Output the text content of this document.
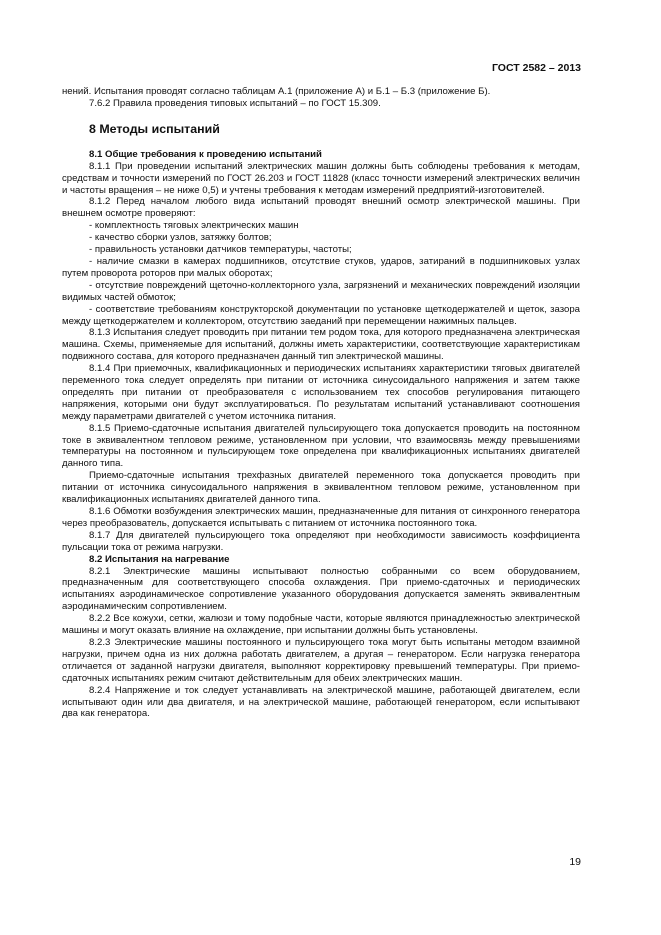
ГОСТ 2582 – 2013

нений. Испытания проводят согласно таблицам А.1 (приложение А) и Б.1 – Б.3 (приложение Б).

7.6.2 Правила проведения типовых испытаний – по ГОСТ 15.309.

8 Методы испытаний

8.1 Общие требования к проведению испытаний

8.1.1 При проведении испытаний электрических машин должны быть соблюдены требования к методам, средствам и точности измерений по ГОСТ 26.203 и ГОСТ 11828 (класс точности измерений электрических величин и частоты вращения – не ниже 0,5) и учтены требования к методам измерений предприятий-изготовителей.

8.1.2 Перед началом любого вида испытаний проводят внешний осмотр электрической машины. При внешнем осмотре проверяют:

- комплектность тяговых электрических машин

- качество сборки узлов, затяжку болтов;

- правильность установки датчиков температуры, частоты;

- наличие смазки в камерах подшипников, отсутствие стуков, ударов, затираний в подшипниковых узлах путем проворота роторов при малых оборотах;

- отсутствие повреждений щеточно-коллекторного узла, загрязнений и механических повреждений изоляции видимых частей обмоток;

- соответствие требованиям конструкторской документации по установке щеткодержателей и щеток, зазора между щеткодержателем и коллектором, отсутствию заеданий при перемещении нажимных пальцев.

8.1.3 Испытания следует проводить при питании тем родом тока, для которого предназначена электрическая машина. Схемы, применяемые для испытаний, должны иметь характеристики, соответствующие характеристикам подвижного состава, для которого предназначен данный тип электрической машины.

8.1.4 При приемочных, квалификационных и периодических испытаниях характеристики тяговых двигателей переменного тока следует определять при питании от источника синусоидального напряжения и затем также определять при питании от преобразователя с использованием тех способов регулирования питающего напряжения, которыми они будут эксплуатироваться. По результатам испытаний устанавливают соотношения между параметрами двигателей с учетом источника питания.

8.1.5 Приемо-сдаточные испытания двигателей пульсирующего тока допускается проводить на постоянном токе в эквивалентном тепловом режиме, установленном при условии, что взаимосвязь между превышениями температуры на постоянном и пульсирующем токе определена при квалификационных испытаниях двигателей данного типа.

Приемо-сдаточные испытания трехфазных двигателей переменного тока допускается проводить при питании от источника синусоидального напряжения в эквивалентном тепловом режиме, установленном при квалификационных испытаниях двигателей данного типа.

8.1.6 Обмотки возбуждения электрических машин, предназначенные для питания от синхронного генератора через преобразователь, допускается испытывать с питанием от источника постоянного тока.

8.1.7 Для двигателей пульсирующего тока определяют при необходимости зависимость коэффициента пульсации тока от режима нагрузки.

8.2 Испытания на нагревание

8.2.1 Электрические машины испытывают полностью собранными со всем оборудованием, предназначенным для соответствующего способа охлаждения. При приемо-сдаточных и периодических испытаниях аэродинамическое сопротивление указанного оборудования допускается заменять эквивалентным аэродинамическим сопротивлением.

8.2.2 Все кожухи, сетки, жалюзи и тому подобные части, которые являются принадлежностью электрической машины и могут оказать влияние на охлаждение, при испытании должны быть установлены.

8.2.3 Электрические машины постоянного и пульсирующего тока могут быть испытаны методом взаимной нагрузки, причем одна из них должна работать двигателем, а другая – генератором. Если нагрузка генератора отличается от заданной нагрузки двигателя, выполняют корректировку превышений температуры. При приемо-сдаточных испытаниях режим считают действительным для обеих электрических машин.

8.2.4 Напряжение и ток следует устанавливать на электрической машине, работающей двигателем, если испытывают один или два двигателя, и на электрической машине, работающей генератором, если испытывают два как генератора.

19
